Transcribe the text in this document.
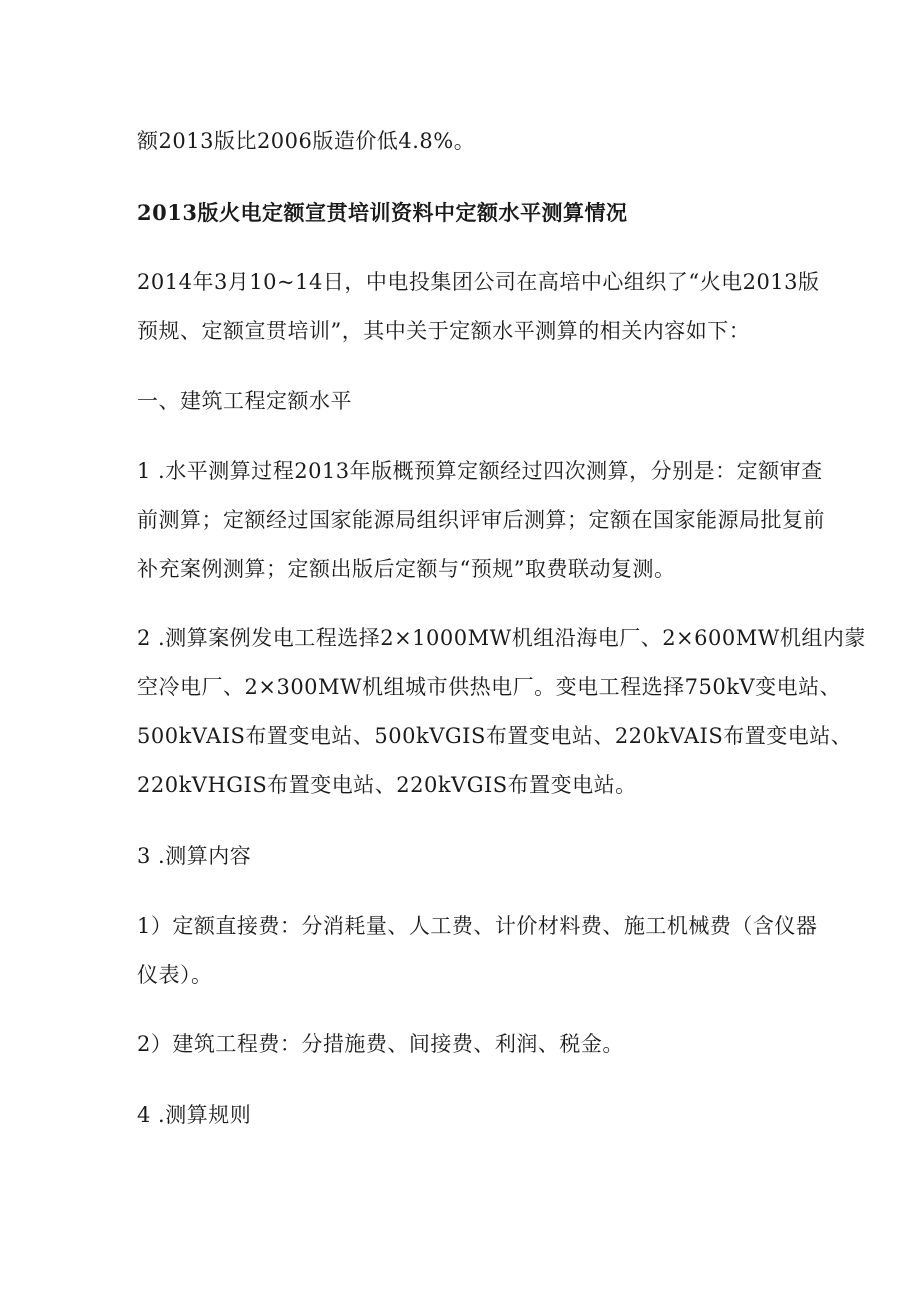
额2013版比2006版造价低4.8%。
2013版火电定额宣贯培训资料中定额水平测算情况
2014年3月10~14日，中电投集团公司在高培中心组织了“火电2013版
预规、定额宣贯培训”，其中关于定额水平测算的相关内容如下：
一、建筑工程定额水平
1 .水平测算过程2013年版概预算定额经过四次测算，分别是：定额审查
前测算；定额经过国家能源局组织评审后测算；定额在国家能源局批复前
补充案例测算；定额出版后定额与“预规”取费联动复测。
2 .测算案例发电工程选择2×1000MW机组沿海电厂、2×600MW机组内蒙
空冷电厂、2×300MW机组城市供热电厂。变电工程选择750kV变电站、
500kVAIS布置变电站、500kVGIS布置变电站、220kVAIS布置变电站、
220kVHGIS布置变电站、220kVGIS布置变电站。
3 .测算内容
1）定额直接费：分消耗量、人工费、计价材料费、施工机械费（含仪器
仪表）。
2）建筑工程费：分措施费、间接费、利润、税金。
4 .测算规则
